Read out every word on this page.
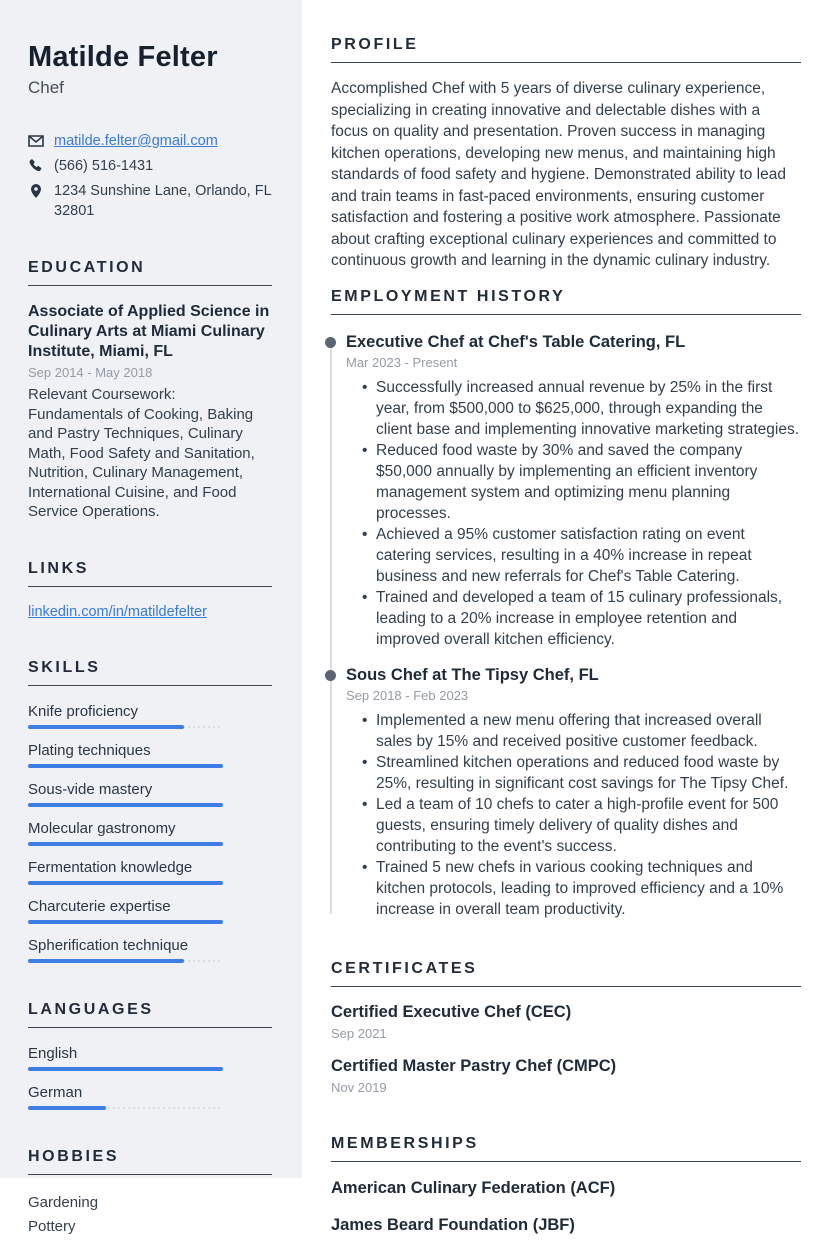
Matilde Felter
Chef
matilde.felter@gmail.com
(566) 516-1431
1234 Sunshine Lane, Orlando, FL 32801
EDUCATION
Associate of Applied Science in Culinary Arts at Miami Culinary Institute, Miami, FL
Sep 2014 - May 2018

Relevant Coursework: Fundamentals of Cooking, Baking and Pastry Techniques, Culinary Math, Food Safety and Sanitation, Nutrition, Culinary Management, International Cuisine, and Food Service Operations.

LINKS
linkedin.com/in/matildefelter
SKILLS
Knife proficiency
Plating techniques
Sous-vide mastery
Molecular gastronomy
Fermentation knowledge
Charcuterie expertise
Spherification technique
LANGUAGES
English
German
HOBBIES
Gardening
Pottery
PROFILE

Accomplished Chef with 5 years of diverse culinary experience, specializing in creating innovative and delectable dishes with a focus on quality and presentation. Proven success in managing kitchen operations, developing new menus, and maintaining high standards of food safety and hygiene. Demonstrated ability to lead and train teams in fast-paced environments, ensuring customer satisfaction and fostering a positive work atmosphere. Passionate about crafting exceptional culinary experiences and committed to continuous growth and learning in the dynamic culinary industry.

EMPLOYMENT HISTORY
Executive Chef at Chef's Table Catering, FL
Mar 2023 - Present
• Successfully increased annual revenue by 25% in the first year, from $500,000 to $625,000, through expanding the client base and implementing innovative marketing strategies.
• Reduced food waste by 30% and saved the company $50,000 annually by implementing an efficient inventory management system and optimizing menu planning processes.
• Achieved a 95% customer satisfaction rating on event catering services, resulting in a 40% increase in repeat business and new referrals for Chef's Table Catering.
• Trained and developed a team of 15 culinary professionals, leading to a 20% increase in employee retention and improved overall kitchen efficiency.
Sous Chef at The Tipsy Chef, FL
Sep 2018 - Feb 2023
• Implemented a new menu offering that increased overall sales by 15% and received positive customer feedback.
• Streamlined kitchen operations and reduced food waste by 25%, resulting in significant cost savings for The Tipsy Chef.
• Led a team of 10 chefs to cater a high-profile event for 500 guests, ensuring timely delivery of quality dishes and contributing to the event's success.
• Trained 5 new chefs in various cooking techniques and kitchen protocols, leading to improved efficiency and a 10% increase in overall team productivity.
CERTIFICATES
Certified Executive Chef (CEC)
Sep 2021
Certified Master Pastry Chef (CMPC)
Nov 2019
MEMBERSHIPS
American Culinary Federation (ACF)
James Beard Foundation (JBF)
